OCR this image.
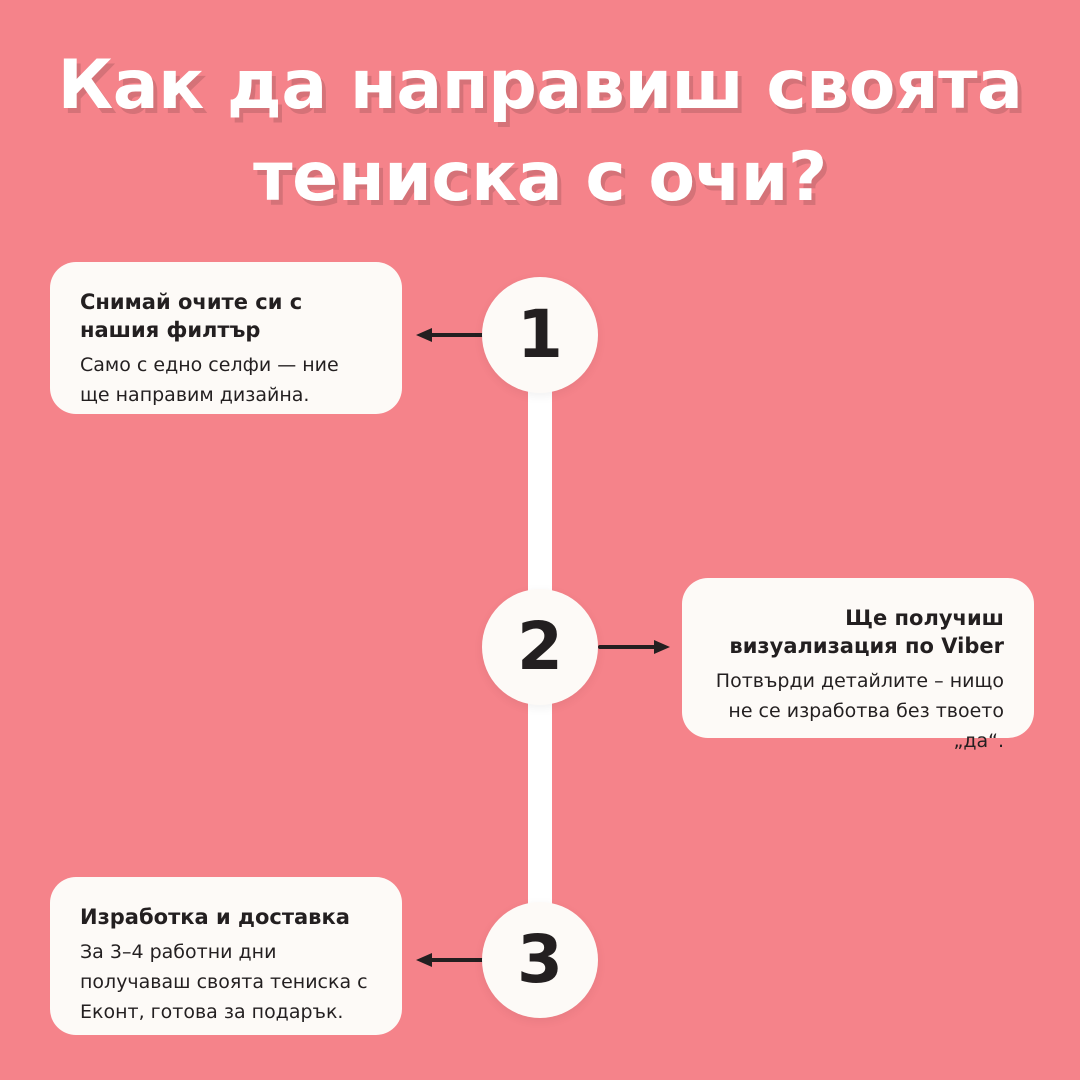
Как да направиш своята
тениска с очи?

Снимай очите си с нашия филтър

Само с едно селфи — ние ще направим дизайна.

1
2	Ще получиш визуализация по Viber

Потвърди детайлите – нищо не се изработва без твоето „да“.

Изработка и доставка

За 3–4 работни дни получаваш своята тениска с Еконт, готова за подарък.

3
